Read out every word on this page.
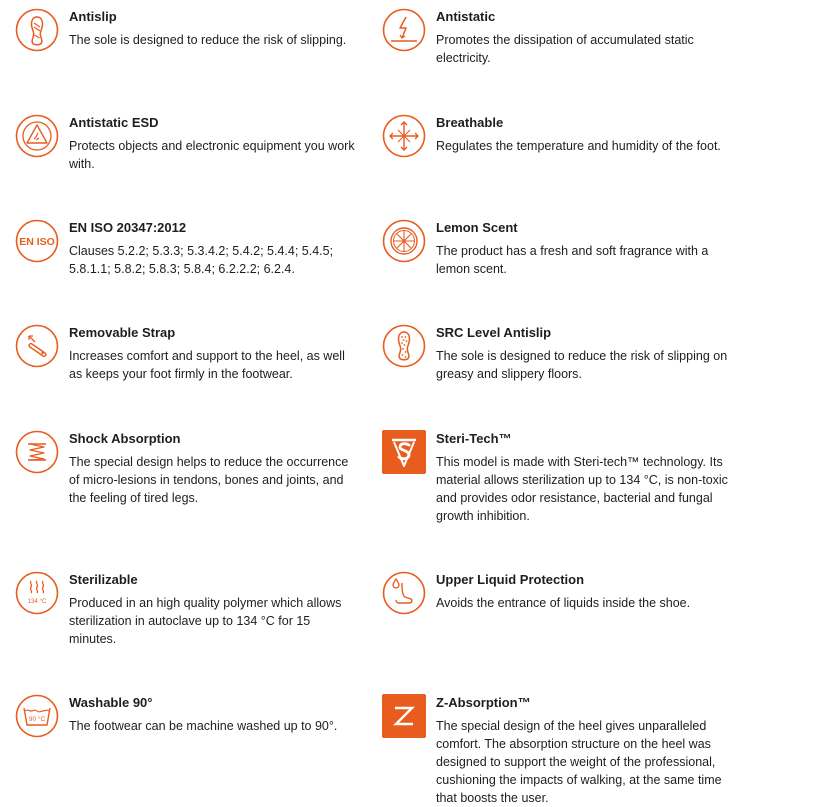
Antislip
The sole is designed to reduce the risk of slipping.
Antistatic
Promotes the dissipation of accumulated static electricity.
Antistatic ESD
Protects objects and electronic equipment you work with.
Breathable
Regulates the temperature and humidity of the foot.
EN ISO
EN ISO 20347:2012
Clauses 5.2.2; 5.3.3; 5.3.4.2; 5.4.2; 5.4.4; 5.4.5; 5.8.1.1; 5.8.2; 5.8.3; 5.8.4; 6.2.2.2; 6.2.4.
Lemon Scent
The product has a fresh and soft fragrance with a lemon scent.
Removable Strap
Increases comfort and support to the heel, as well as keeps your foot firmly in the footwear.
SRC Level Antislip
The sole is designed to reduce the risk of slipping on greasy and slippery floors.
Shock Absorption
The special design helps to reduce the occurrence of micro-lesions in tendons, bones and joints, and the feeling of tired legs.
Steri-Tech™
This model is made with Steri-tech™ technology. Its material allows sterilization up to 134 °C, is non-toxic and provides odor resistance, bacterial and fungal growth inhibition.
134 °C
Sterilizable
Produced in an high quality polymer which allows sterilization in autoclave up to 134 °C for 15 minutes.
Upper Liquid Protection
Avoids the entrance of liquids inside the shoe.
90 °C
Washable 90°
The footwear can be machine washed up to 90°.
Z-Absorption™
The special design of the heel gives unparalleled comfort. The absorption structure on the heel was designed to support the weight of the professional, cushioning the impacts of walking, at the same time that boosts the user.
